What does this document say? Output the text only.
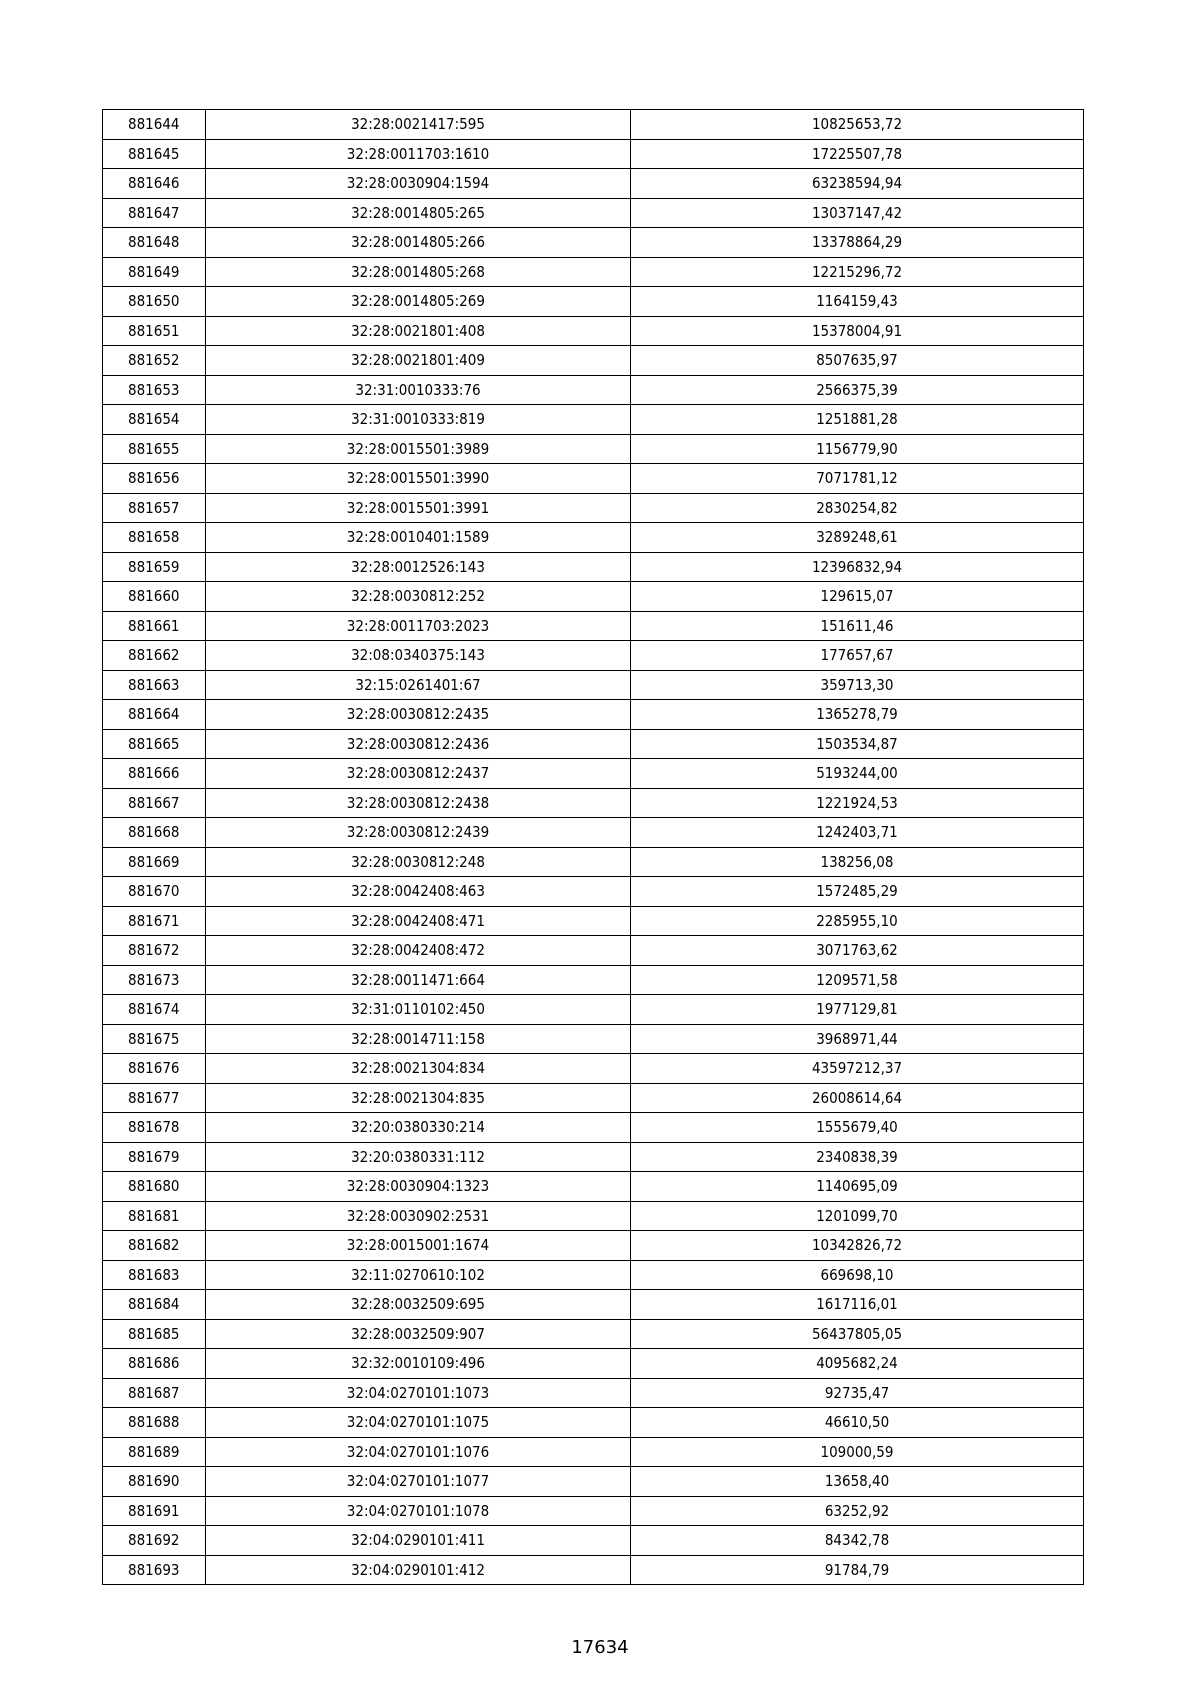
881644	32:28:0021417:595	10825653,72
881645	32:28:0011703:1610	17225507,78
881646	32:28:0030904:1594	63238594,94
881647	32:28:0014805:265	13037147,42
881648	32:28:0014805:266	13378864,29
881649	32:28:0014805:268	12215296,72
881650	32:28:0014805:269	1164159,43
881651	32:28:0021801:408	15378004,91
881652	32:28:0021801:409	8507635,97
881653	32:31:0010333:76	2566375,39
881654	32:31:0010333:819	1251881,28
881655	32:28:0015501:3989	1156779,90
881656	32:28:0015501:3990	7071781,12
881657	32:28:0015501:3991	2830254,82
881658	32:28:0010401:1589	3289248,61
881659	32:28:0012526:143	12396832,94
881660	32:28:0030812:252	129615,07
881661	32:28:0011703:2023	151611,46
881662	32:08:0340375:143	177657,67
881663	32:15:0261401:67	359713,30
881664	32:28:0030812:2435	1365278,79
881665	32:28:0030812:2436	1503534,87
881666	32:28:0030812:2437	5193244,00
881667	32:28:0030812:2438	1221924,53
881668	32:28:0030812:2439	1242403,71
881669	32:28:0030812:248	138256,08
881670	32:28:0042408:463	1572485,29
881671	32:28:0042408:471	2285955,10
881672	32:28:0042408:472	3071763,62
881673	32:28:0011471:664	1209571,58
881674	32:31:0110102:450	1977129,81
881675	32:28:0014711:158	3968971,44
881676	32:28:0021304:834	43597212,37
881677	32:28:0021304:835	26008614,64
881678	32:20:0380330:214	1555679,40
881679	32:20:0380331:112	2340838,39
881680	32:28:0030904:1323	1140695,09
881681	32:28:0030902:2531	1201099,70
881682	32:28:0015001:1674	10342826,72
881683	32:11:0270610:102	669698,10
881684	32:28:0032509:695	1617116,01
881685	32:28:0032509:907	56437805,05
881686	32:32:0010109:496	4095682,24
881687	32:04:0270101:1073	92735,47
881688	32:04:0270101:1075	46610,50
881689	32:04:0270101:1076	109000,59
881690	32:04:0270101:1077	13658,40
881691	32:04:0270101:1078	63252,92
881692	32:04:0290101:411	84342,78
881693	32:04:0290101:412	91784,79
17634
